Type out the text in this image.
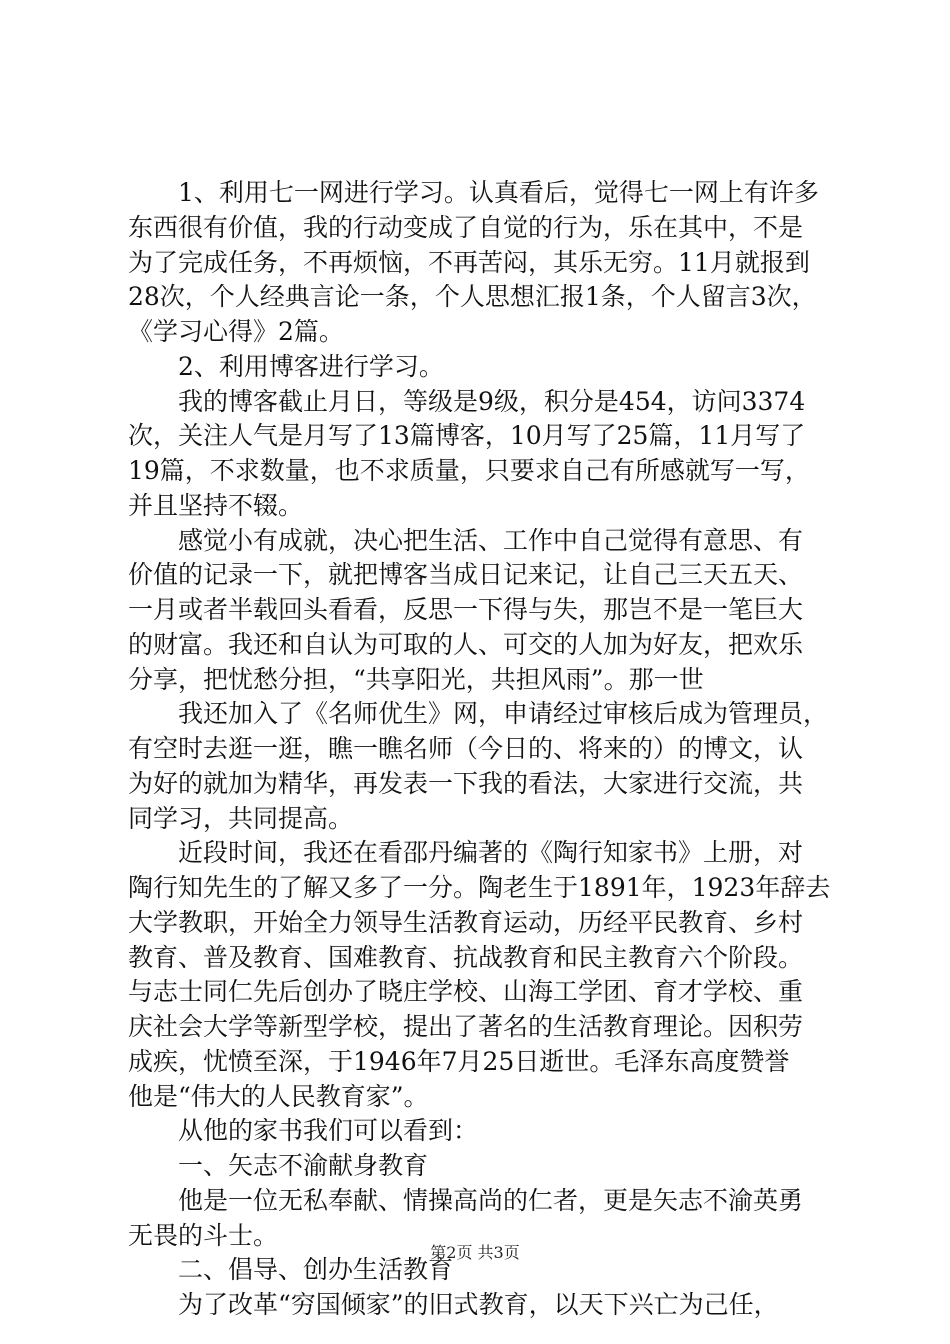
1、利用七一网进行学习。认真看后，觉得七一网上有许多
东西很有价值，我的行动变成了自觉的行为，乐在其中，不是
为了完成任务，不再烦恼，不再苦闷，其乐无穷。11月就报到
28次，个人经典言论一条，个人思想汇报1条，个人留言3次，
《学习心得》2篇。
2、利用博客进行学习。
我的博客截止月日，等级是9级，积分是454，访问3374
次，关注人气是月写了13篇博客，10月写了25篇，11月写了
19篇，不求数量，也不求质量，只要求自己有所感就写一写，
并且坚持不辍。
感觉小有成就，决心把生活、工作中自己觉得有意思、有
价值的记录一下，就把博客当成日记来记，让自己三天五天、
一月或者半载回头看看，反思一下得与失，那岂不是一笔巨大
的财富。我还和自认为可取的人、可交的人加为好友，把欢乐
分享，把忧愁分担，“共享阳光，共担风雨”。那一世
我还加入了《名师优生》网，申请经过审核后成为管理员，
有空时去逛一逛，瞧一瞧名师（今日的、将来的）的博文，认
为好的就加为精华，再发表一下我的看法，大家进行交流，共
同学习，共同提高。
近段时间，我还在看邵丹编著的《陶行知家书》上册，对
陶行知先生的了解又多了一分。陶老生于1891年，1923年辞去
大学教职，开始全力领导生活教育运动，历经平民教育、乡村
教育、普及教育、国难教育、抗战教育和民主教育六个阶段。
与志士同仁先后创办了晓庄学校、山海工学团、育才学校、重
庆社会大学等新型学校，提出了著名的生活教育理论。因积劳
成疾，忧愤至深，于1946年7月25日逝世。毛泽东高度赞誉
他是“伟大的人民教育家”。
从他的家书我们可以看到：
一、矢志不渝献身教育
他是一位无私奉献、情操高尚的仁者，更是矢志不渝英勇
无畏的斗士。
二、倡导、创办生活教育
为了改革“穷国倾家”的旧式教育，以天下兴亡为己任，
第2页 共3页
